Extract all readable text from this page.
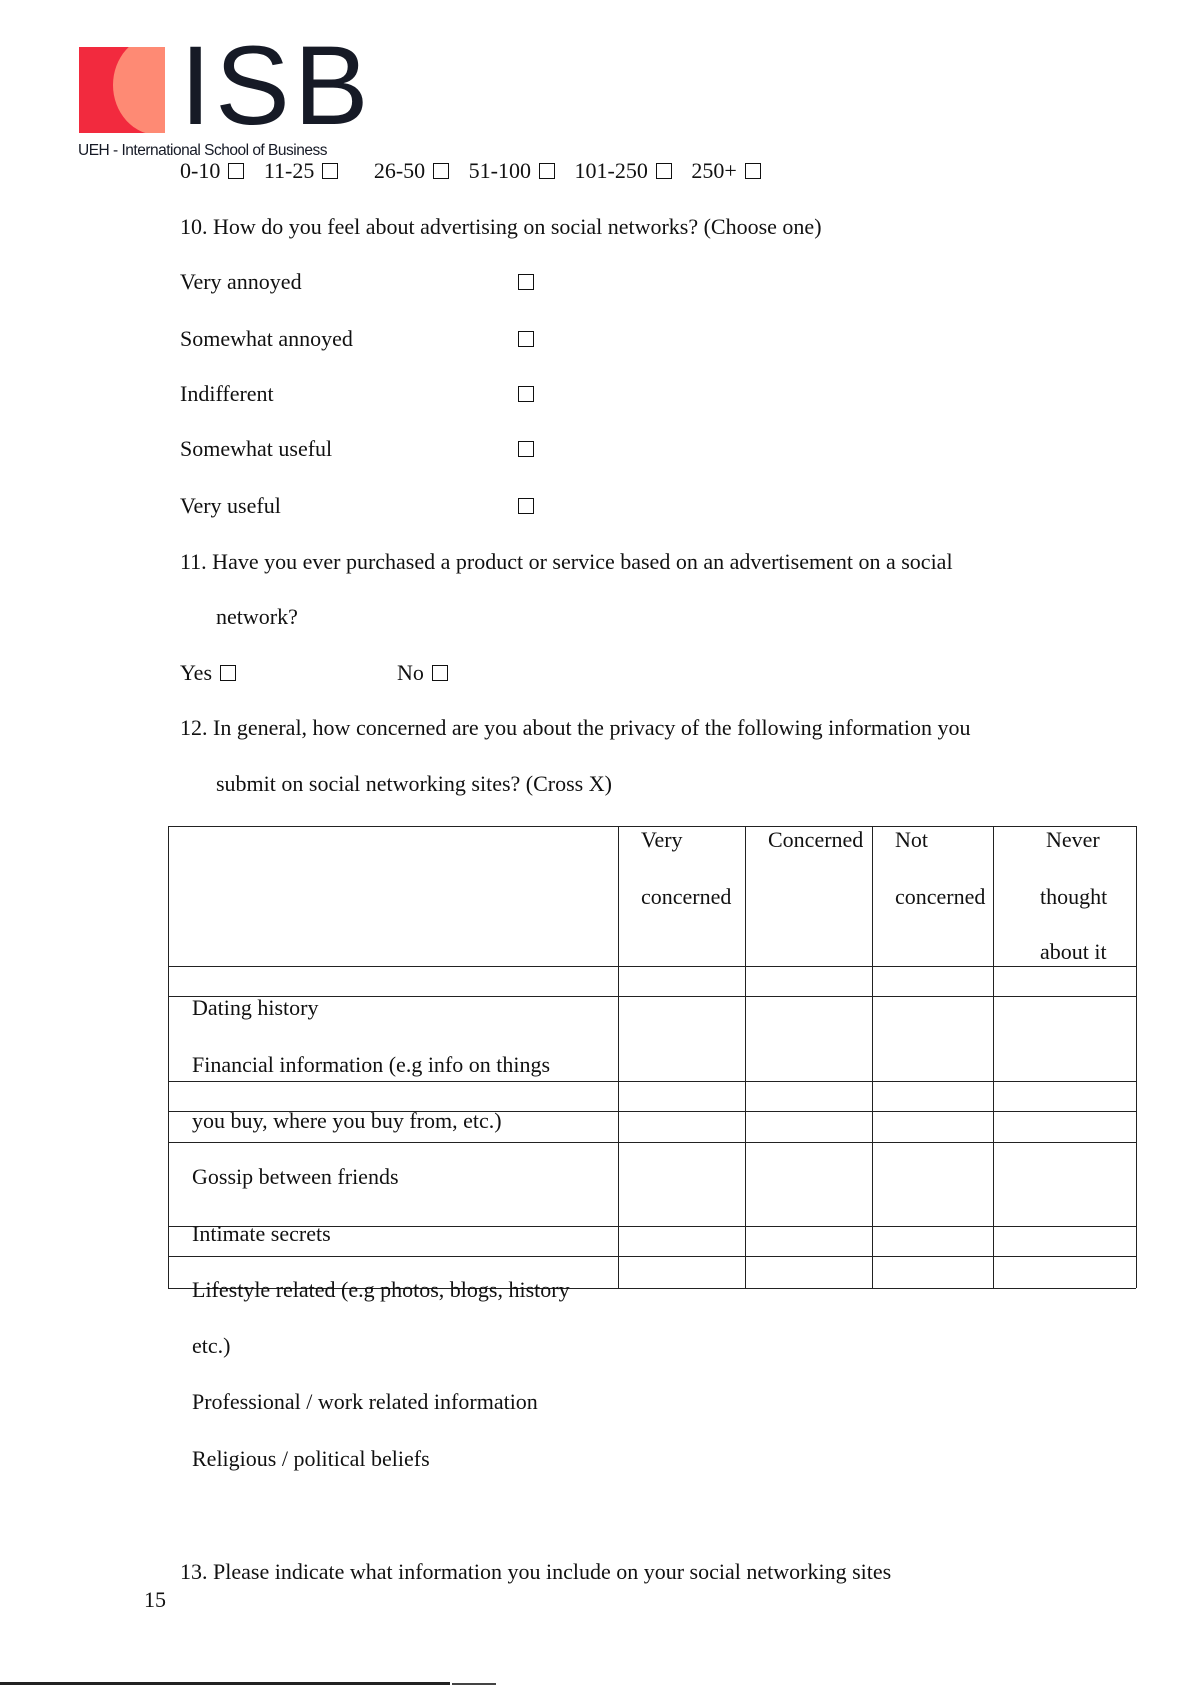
ISB
UEH - International School of Business
0-10 11-25	26-50 51-100 101-250 250+
10. How do you feel about advertising on social networks? (Choose one)
Very annoyed
Somewhat annoyed
Indifferent
Somewhat useful
Very useful
11. Have you ever purchased a product or service based on an advertisement on a social
network?
Yes	No
12. In general, how concerned are you about the privacy of the following information you
submit on social networking sites? (Cross X)
Very
concerned
Concerned Not
concerned
Never
thought
about it
Dating history
Financial information (e.g info on things
you buy, where you buy from, etc.)
Gossip between friends
Intimate secrets
Lifestyle related (e.g photos, blogs, history
etc.)
Professional / work related information
Religious / political beliefs
13. Please indicate what information you include on your social networking sites
15
